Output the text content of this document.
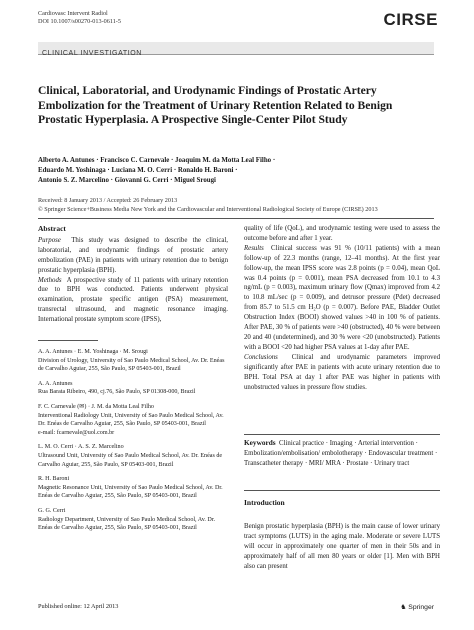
Cardiovasc Intervent Radiol
DOI 10.1007/s00270-013-0611-5	CIRSE
CLINICAL INVESTIGATION
Clinical, Laboratorial, and Urodynamic Findings of Prostatic Artery Embolization for the Treatment of Urinary Retention Related to Benign Prostatic Hyperplasia. A Prospective Single-Center Pilot Study
Alberto A. Antunes · Francisco C. Carnevale · Joaquim M. da Motta Leal Filho ·
Eduardo M. Yoshinaga · Luciana M. O. Cerri · Ronaldo H. Baroni ·
Antonio S. Z. Marcelino · Giovanni G. Cerri · Miguel Srougi
Received: 8 January 2013 / Accepted: 26 February 2013
© Springer Science+Business Media New York and the Cardiovascular and Interventional Radiological Society of Europe (CIRSE) 2013
Abstract

Purpose This study was designed to describe the clinical, laboratorial, and urodynamic findings of prostatic artery embolization (PAE) in patients with urinary retention due to benign prostatic hyperplasia (BPH).

Methods A prospective study of 11 patients with urinary retention due to BPH was conducted. Patients underwent physical examination, prostate specific antigen (PSA) measurement, transrectal ultrasound, and magnetic resonance imaging. International prostate symptom score (IPSS),

A. A. Antunes · E. M. Yoshinaga · M. Srougi
Division of Urology, University of Sao Paulo Medical School, Av. Dr. Enéas de Carvalho Aguiar, 255, São Paulo, SP 05403-001, Brazil
A. A. Antunes
Rua Barata Ribeiro, 490, cj.76, São Paulo, SP 01308-000, Brazil
F. C. Carnevale (✉) · J. M. da Motta Leal Filho
Interventional Radiology Unit, University of Sao Paulo Medical School, Av. Dr. Enéas de Carvalho Aguiar, 255, São Paulo, SP 05403-001, Brazil
e-mail: fcarnevale@uol.com.br
L. M. O. Cerri · A. S. Z. Marcelino
Ultrasound Unit, University of Sao Paulo Medical School, Av. Dr. Enéas de Carvalho Aguiar, 255, São Paulo, SP 05403-001, Brazil
R. H. Baroni
Magnetic Resonance Unit, University of Sao Paulo Medical School, Av. Dr. Enéas de Carvalho Aguiar, 255, São Paulo, SP 05403-001, Brazil
G. G. Cerri
Radiology Department, University of Sao Paulo Medical School, Av. Dr. Enéas de Carvalho Aguiar, 255, São Paulo, SP 05403-001, Brazil

quality of life (QoL), and urodynamic testing were used to assess the outcome before and after 1 year.

Results Clinical success was 91 % (10/11 patients) with a mean follow-up of 22.3 months (range, 12–41 months). At the first year follow-up, the mean IPSS score was 2.8 points (p = 0.04), mean QoL was 0.4 points (p = 0.001), mean PSA decreased from 10.1 to 4.3 ng/mL (p = 0.003), maximum urinary flow (Qmax) improved from 4.2 to 10.8 mL/sec (p = 0.009), and detrusor pressure (Pdet) decreased from 85.7 to 51.5 cm H₂O (p = 0.007). Before PAE, Bladder Outlet Obstruction Index (BOOI) showed values >40 in 100 % of patients. After PAE, 30 % of patients were >40 (obstructed), 40 % were between 20 and 40 (undetermined), and 30 % were <20 (unobstructed). Patients with a BOOI <20 had higher PSA values at 1-day after PAE.

Conclusions Clinical and urodynamic parameters improved significantly after PAE in patients with acute urinary retention due to BPH. Total PSA at day 1 after PAE was higher in patients with unobstructed values in pressure flow studies.

Keywords Clinical practice · Imaging · Arterial intervention · Embolization/embolisation/ embolotherapy · Endovascular treatment · Transcatheter therapy · MRI/ MRA · Prostate · Urinary tract
Introduction

Benign prostatic hyperplasia (BPH) is the main cause of lower urinary tract symptoms (LUTS) in the aging male. Moderate or severe LUTS will occur in approximately one quarter of men in their 50s and in approximately half of all men 80 years or older [1]. Men with BPH also can present

Published online: 12 April 2013	♞ Springer
